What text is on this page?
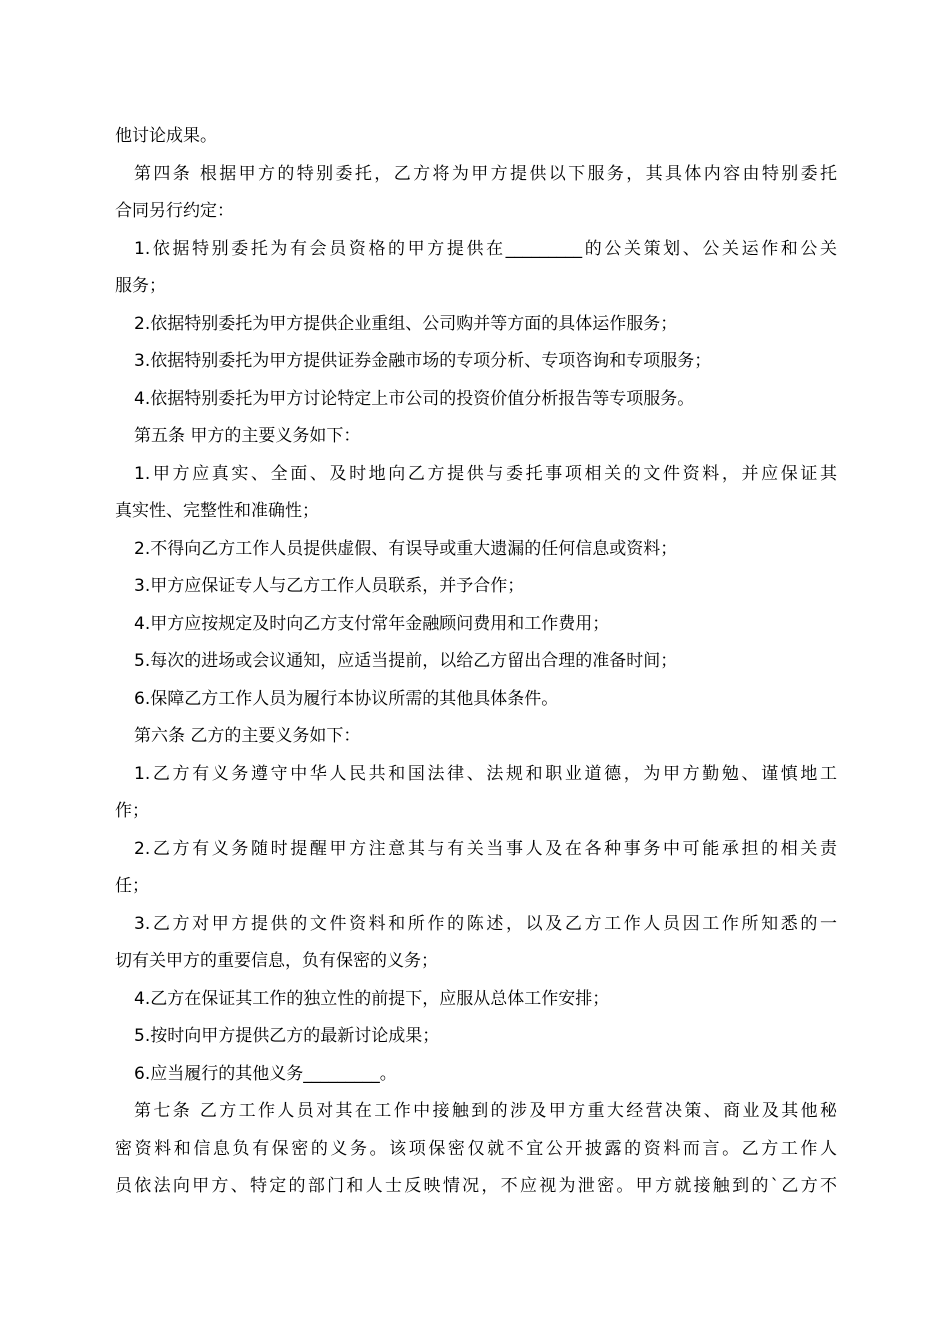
他讨论成果。
第四条 根据甲方的特别委托，乙方将为甲方提供以下服务，其具体内容由特别委托
合同另行约定：
1.依据特别委托为有会员资格的甲方提供在_________的公关策划、公关运作和公关
服务；
2.依据特别委托为甲方提供企业重组、公司购并等方面的具体运作服务；
3.依据特别委托为甲方提供证券金融市场的专项分析、专项咨询和专项服务；
4.依据特别委托为甲方讨论特定上市公司的投资价值分析报告等专项服务。
第五条 甲方的主要义务如下：
1.甲方应真实、全面、及时地向乙方提供与委托事项相关的文件资料，并应保证其
真实性、完整性和准确性；
2.不得向乙方工作人员提供虚假、有误导或重大遗漏的任何信息或资料；
3.甲方应保证专人与乙方工作人员联系，并予合作；
4.甲方应按规定及时向乙方支付常年金融顾问费用和工作费用；
5.每次的进场或会议通知，应适当提前，以给乙方留出合理的准备时间；
6.保障乙方工作人员为履行本协议所需的其他具体条件。
第六条 乙方的主要义务如下：
1.乙方有义务遵守中华人民共和国法律、法规和职业道德，为甲方勤勉、谨慎地工
作；
2.乙方有义务随时提醒甲方注意其与有关当事人及在各种事务中可能承担的相关责
任；
3.乙方对甲方提供的文件资料和所作的陈述，以及乙方工作人员因工作所知悉的一
切有关甲方的重要信息，负有保密的义务；
4.乙方在保证其工作的独立性的前提下，应服从总体工作安排；
5.按时向甲方提供乙方的最新讨论成果；
6.应当履行的其他义务_________。
第七条 乙方工作人员对其在工作中接触到的涉及甲方重大经营决策、商业及其他秘
密资料和信息负有保密的义务。该项保密仅就不宜公开披露的资料而言。乙方工作人
员依法向甲方、特定的部门和人士反映情况，不应视为泄密。甲方就接触到的`乙方不
